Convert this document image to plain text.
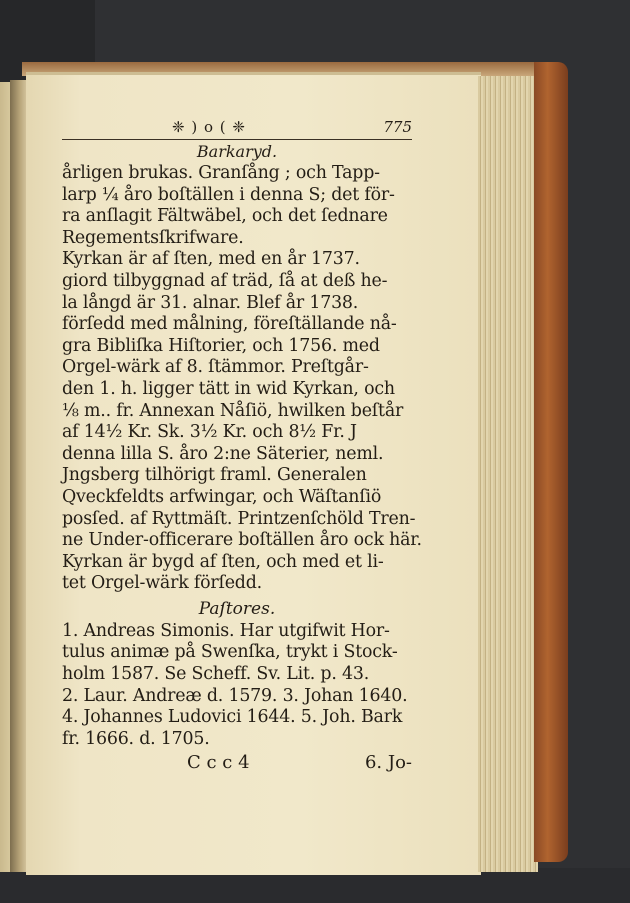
❈ ) o ( ❈	775
Barkaryd.
årligen brukas. Granſång ; och Tapp-
larp ¼ åro boſtällen i denna S; det för-
ra anſlagit Fältwäbel, och det ſednare
Regementsſkrifware.
Kyrkan är af ſten, med en år 1737.
giord tilbyggnad af träd, ſå at deß he-
la långd är 31. alnar. Blef år 1738.
förſedd med målning, föreſtällande nå-
gra Bibliſka Hiſtorier, och 1756. med
Orgel-wärk af 8. ſtämmor. Preſtgår-
den 1. h. ligger tätt in wid Kyrkan, och
⅛ m.. fr. Annexan Nåſiö, hwilken beſtår
af 14½ Kr. Sk. 3½ Kr. och 8½ Fr. J
denna lilla S. åro 2:ne Säterier, neml.
Jngsberg tilhörigt framl. Generalen
Qveckfeldts arfwingar, och Wäſtanſiö
posſed. af Ryttmäſt. Printzenſchöld Tren-
ne Under-officerare boſtällen åro ock här.
Kyrkan är bygd af ſten, och med et li-
tet Orgel-wärk förſedd.
Paſtores.
1. Andreas Simonis. Har utgifwit Hor-
tulus animæ på Swenſka, trykt i Stock-
holm 1587. Se Scheff. Sv. Lit. p. 43.
2. Laur. Andreæ d. 1579. 3. Johan 1640.
4. Johannes Ludovici 1644. 5. Joh. Bark
fr. 1666. d. 1705.
C c c 4	6. Jo-
